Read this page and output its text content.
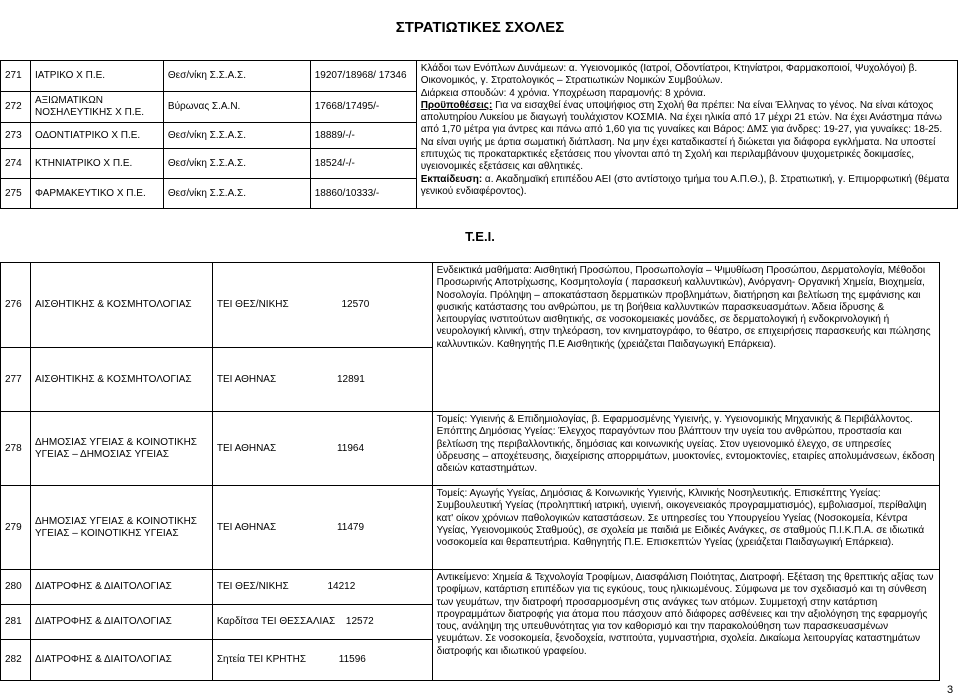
ΣΤΡΑΤΙΩΤΙΚΕΣ ΣΧΟΛΕΣ
271	ΙΑΤΡΙΚΟ Χ Π.Ε.	Θεσ/νίκη Σ.Σ.Α.Σ.	19207/18968/ 17346	Κλάδοι των Ενόπλων Δυνάμεων: α. Υγειονομικός (Ιατροί, Οδοντίατροι, Κτηνίατροι, Φαρμακοποιοί, Ψυχολόγοι) β. Οικονομικός, γ. Στρατολογικός – Στρατιωτικών Νομικών Συμβούλων.
Διάρκεια σπουδών: 4 χρόνια. Υποχρέωση παραμονής: 8 χρόνια.
Προϋποθέσεις: Για να εισαχθεί ένας υποψήφιος στη Σχολή θα πρέπει: Να είναι Έλληνας το γένος. Να είναι κάτοχος απολυτηρίου Λυκείου με διαγωγή τουλάχιστον ΚΟΣΜΙΑ. Να έχει ηλικία από 17 μέχρι 21 ετών. Να έχει Ανάστημα πάνω από 1,70 μέτρα για άντρες και πάνω από 1,60 για τις γυναίκες και Βάρος: ΔΜΣ για άνδρες: 19-27, για γυναίκες: 18-25. Να είναι υγιής με άρτια σωματική διάπλαση. Να μην έχει καταδικαστεί ή διώκεται για διάφορα εγκλήματα. Να υποστεί επιτυχώς τις προκαταρκτικές εξετάσεις που γίνονται από τη Σχολή και περιλαμβάνουν ψυχομετρικές δοκιμασίες, υγειονομικές εξετάσεις και αθλητικές.
Εκπαίδευση: α. Ακαδημαϊκή επιπέδου ΑΕΙ (στο αντίστοιχο τμήμα του Α.Π.Θ.), β. Στρατιωτική, γ. Επιμορφωτική (θέματα γενικού ενδιαφέροντος).

272	ΑΞΙΩΜΑΤΙΚΩΝ ΝΟΣΗΛΕΥΤΙΚΗΣ Χ Π.Ε.	Βύρωνας Σ.Α.Ν.	17668/17495/-	
273	ΟΔΟΝΤΙΑΤΡΙΚΟ Χ Π.Ε.	Θεσ/νίκη Σ.Σ.Α.Σ.	18889/-/-	
274	ΚΤΗΝΙΑΤΡΙΚΟ Χ Π.Ε.	Θεσ/νίκη Σ.Σ.Α.Σ.	18524/-/-	
275	ΦΑΡΜΑΚΕΥΤΙΚΟ Χ Π.Ε.	Θεσ/νίκη Σ.Σ.Α.Σ.	18860/10333/-	
Τ.Ε.Ι.
276	ΑΙΣΘΗΤΙΚΗΣ & ΚΟΣΜΗΤΟΛΟΓΙΑΣ	ΤΕΙ ΘΕΣ/ΝΙΚΗΣ 12570	Ενδεικτικά μαθήματα: Αισθητική Προσώπου, Προσωπολογία – Ψιμυθίωση Προσώπου, Δερματολογία, Μέθοδοι Προσωρινής Αποτρίχωσης, Κοσμητολογία ( παρασκευή καλλυντικών), Ανόργανη- Οργανική Χημεία, Βιοχημεία, Νοσολογία. Πρόληψη – αποκατάσταση δερματικών προβλημάτων, διατήρηση και βελτίωση της εμφάνισης και φυσικής κατάστασης του ανθρώπου, με τη βοήθεια καλλυντικών παρασκευασμάτων. Άδεια ίδρυσης & λειτουργίας ινστιτούτων αισθητικής, σε νοσοκομειακές μονάδες, σε δερματολογική ή ενδοκρινολογική ή νευρολογική κλινική, στην τηλεόραση, τον κινηματογράφο, το θέατρο, σε επιχειρήσεις παρασκευής και πώλησης καλλυντικών. Καθηγητής Π.Ε Αισθητικής (χρειάζεται Παιδαγωγική Επάρκεια).
277	ΑΙΣΘΗΤΙΚΗΣ & ΚΟΣΜΗΤΟΛΟΓΙΑΣ	ΤΕΙ ΑΘΗΝΑΣ 12891	
278	ΔΗΜΟΣΙΑΣ ΥΓΕΙΑΣ & ΚΟΙΝΟΤΙΚΗΣ ΥΓΕΙΑΣ – ΔΗΜΟΣΙΑΣ ΥΓΕΙΑΣ	ΤΕΙ ΑΘΗΝΑΣ 11964	Τομείς: Υγιεινής & Επιδημιολογίας, β. Εφαρμοσμένης Υγιεινής, γ. Υγειονομικής Μηχανικής & Περιβάλλοντος. Επόπτης Δημόσιας Υγείας: Έλεγχος παραγόντων που βλάπτουν την υγεία του ανθρώπου, προστασία και βελτίωση της περιβαλλοντικής, δημόσιας και κοινωνικής υγείας. Στον υγειονομικό έλεγχο, σε υπηρεσίες ύδρευσης – αποχέτευσης, διαχείρισης απορριμάτων, μυοκτονίες, εντομοκτονίες, εταιρίες απολυμάνσεων, έκδοση αδειών καταστημάτων.
279	ΔΗΜΟΣΙΑΣ ΥΓΕΙΑΣ & ΚΟΙΝΟΤΙΚΗΣ ΥΓΕΙΑΣ – ΚΟΙΝΟΤΙΚΗΣ ΥΓΕΙΑΣ	ΤΕΙ ΑΘΗΝΑΣ 11479	Τομείς: Αγωγής Υγείας, Δημόσιας & Κοινωνικής Υγιεινής, Κλινικής Νοσηλευτικής. Επισκέπτης Υγείας: Συμβουλευτική Υγείας (προληπτική ιατρική, υγιεινή, οικογενειακός προγραμματισμός), εμβολιασμοί, περίθαλψη κατ' οίκον χρόνιων παθολογικών καταστάσεων. Σε υπηρεσίες του Υπουργείου Υγείας (Νοσοκομεία, Κέντρα Υγείας, Υγειονομικούς Σταθμούς), σε σχολεία με παιδιά με Ειδικές Ανάγκες, σε σταθμούς Π.Ι.Κ.Π.Α. σε ιδιωτικά νοσοκομεία και θεραπευτήρια. Καθηγητής Π.Ε. Επισκεπτών Υγείας (χρειάζεται Παιδαγωγική Επάρκεια).
280	ΔΙΑΤΡΟΦΗΣ & ΔΙΑΙΤΟΛΟΓΙΑΣ	ΤΕΙ ΘΕΣ/ΝΙΚΗΣ 14212	Αντικείμενο: Χημεία & Τεχνολογία Τροφίμων, Διασφάλιση Ποιότητας, Διατροφή. Εξέταση της θρεπτικής αξίας των τροφίμων, κατάρτιση επιπέδων για τις εγκύους, τους ηλικιωμένους. Σύμφωνα με τον σχεδιασμό και τη σύνθεση των γευμάτων, την διατροφή προσαρμοσμένη στις ανάγκες των ατόμων. Συμμετοχή στην κατάρτιση προγραμμάτων διατροφής για άτομα που πάσχουν από διάφορες ασθένειες και την αξιολόγηση της εφαρμογής τους, ανάληψη της υπευθυνότητας για τον καθορισμό και την παρακολούθηση των παρασκευασμένων γευμάτων. Σε νοσοκομεία, ξενοδοχεία, ινστιτούτα, γυμναστήρια, σχολεία. Δικαίωμα λειτουργίας καταστημάτων διατροφής και ιδιωτικού γραφείου.
281	ΔΙΑΤΡΟΦΗΣ & ΔΙΑΙΤΟΛΟΓΙΑΣ	Καρδίτσα ΤΕΙ ΘΕΣΣΑΛΙΑΣ 12572	
282	ΔΙΑΤΡΟΦΗΣ & ΔΙΑΙΤΟΛΟΓΙΑΣ	Σητεία ΤΕΙ ΚΡΗΤΗΣ 11596	
3
